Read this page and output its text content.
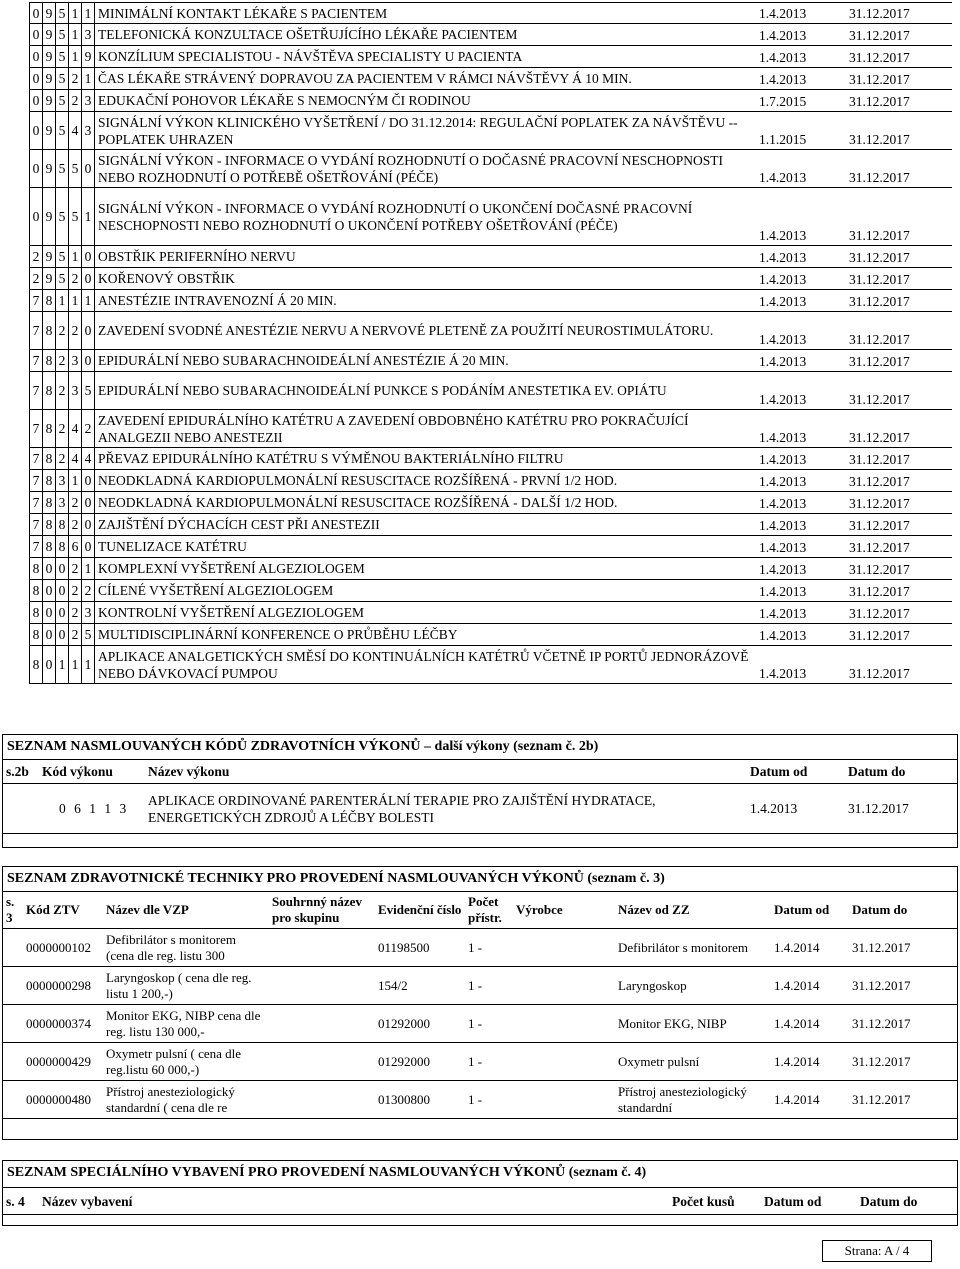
0	9	5	1	1	MINIMÁLNÍ KONTAKT LÉKAŘE S PACIENTEM	1.4.2013	31.12.2017
0	9	5	1	3	TELEFONICKÁ KONZULTACE OŠETŘUJÍCÍHO LÉKAŘE PACIENTEM	1.4.2013	31.12.2017
0	9	5	1	9	KONZÍLIUM SPECIALISTOU - NÁVŠTĚVA SPECIALISTY U PACIENTA	1.4.2013	31.12.2017
0	9	5	2	1	ČAS LÉKAŘE STRÁVENÝ DOPRAVOU ZA PACIENTEM V RÁMCI NÁVŠTĚVY Á 10 MIN.	1.4.2013	31.12.2017
0	9	5	2	3	EDUKAČNÍ POHOVOR LÉKAŘE S NEMOCNÝM ČI RODINOU	1.7.2015	31.12.2017
0	9	5	4	3	SIGNÁLNÍ VÝKON KLINICKÉHO VYŠETŘENÍ / DO 31.12.2014: REGULAČNÍ POPLATEK ZA NÁVŠTĚVU -- POPLATEK UHRAZEN	1.1.2015	31.12.2017
0	9	5	5	0	SIGNÁLNÍ VÝKON - INFORMACE O VYDÁNÍ ROZHODNUTÍ O DOČASNÉ PRACOVNÍ NESCHOPNOSTI NEBO ROZHODNUTÍ O POTŘEBĚ OŠETŘOVÁNÍ (PÉČE)	1.4.2013	31.12.2017
0	9	5	5	1	SIGNÁLNÍ VÝKON - INFORMACE O VYDÁNÍ ROZHODNUTÍ O UKONČENÍ DOČASNÉ PRACOVNÍ NESCHOPNOSTI NEBO ROZHODNUTÍ O UKONČENÍ POTŘEBY OŠETŘOVÁNÍ (PÉČE)	1.4.2013	31.12.2017
2	9	5	1	0	OBSTŘIK PERIFERNÍHO NERVU	1.4.2013	31.12.2017
2	9	5	2	0	KOŘENOVÝ OBSTŘIK	1.4.2013	31.12.2017
7	8	1	1	1	ANESTÉZIE INTRAVENOZNÍ Á 20 MIN.	1.4.2013	31.12.2017
7	8	2	2	0	ZAVEDENÍ SVODNÉ ANESTÉZIE NERVU A NERVOVÉ PLETENĚ ZA POUŽITÍ NEUROSTIMULÁTORU.	1.4.2013	31.12.2017
7	8	2	3	0	EPIDURÁLNÍ NEBO SUBARACHNOIDEÁLNÍ ANESTÉZIE Á 20 MIN.	1.4.2013	31.12.2017
7	8	2	3	5	EPIDURÁLNÍ NEBO SUBARACHNOIDEÁLNÍ PUNKCE S PODÁNÍM ANESTETIKA EV. OPIÁTU	1.4.2013	31.12.2017
7	8	2	4	2	ZAVEDENÍ EPIDURÁLNÍHO KATÉTRU A ZAVEDENÍ OBDOBNÉHO KATÉTRU PRO POKRAČUJÍCÍ ANALGEZII NEBO ANESTEZII	1.4.2013	31.12.2017
7	8	2	4	4	PŘEVAZ EPIDURÁLNÍHO KATÉTRU S VÝMĚNOU BAKTERIÁLNÍHO FILTRU	1.4.2013	31.12.2017
7	8	3	1	0	NEODKLADNÁ KARDIOPULMONÁLNÍ RESUSCITACE ROZŠÍŘENÁ - PRVNÍ 1/2 HOD.	1.4.2013	31.12.2017
7	8	3	2	0	NEODKLADNÁ KARDIOPULMONÁLNÍ RESUSCITACE ROZŠÍŘENÁ - DALŠÍ 1/2 HOD.	1.4.2013	31.12.2017
7	8	8	2	0	ZAJIŠTĚNÍ DÝCHACÍCH CEST PŘI ANESTEZII	1.4.2013	31.12.2017
7	8	8	6	0	TUNELIZACE KATÉTRU	1.4.2013	31.12.2017
8	0	0	2	1	KOMPLEXNÍ VYŠETŘENÍ ALGEZIOLOGEM	1.4.2013	31.12.2017
8	0	0	2	2	CÍLENÉ VYŠETŘENÍ ALGEZIOLOGEM	1.4.2013	31.12.2017
8	0	0	2	3	KONTROLNÍ VYŠETŘENÍ ALGEZIOLOGEM	1.4.2013	31.12.2017
8	0	0	2	5	MULTIDISCIPLINÁRNÍ KONFERENCE O PRŮBĚHU LÉČBY	1.4.2013	31.12.2017
8	0	1	1	1	APLIKACE ANALGETICKÝCH SMĚSÍ DO KONTINUÁLNÍCH KATÉTRŮ VČETNĚ IP PORTŮ JEDNORÁZOVĚ NEBO DÁVKOVACÍ PUMPOU	1.4.2013	31.12.2017
SEZNAM NASMLOUVANÝCH KÓDŮ ZDRAVOTNÍCH VÝKONŮ – další výkony (seznam č. 2b)
s.2b	Kód výkonu	Název výkonu	Datum od	Datum do
	0 6 1 1 3	APLIKACE ORDINOVANÉ PARENTERÁLNÍ TERAPIE PRO ZAJIŠTĚNÍ HYDRATACE, ENERGETICKÝCH ZDROJŮ A LÉČBY BOLESTI	1.4.2013	31.12.2017
SEZNAM ZDRAVOTNICKÉ TECHNIKY PRO PROVEDENÍ NASMLOUVANÝCH VÝKONŮ (seznam č. 3)
s. 3	Kód ZTV	Název dle VZP	Souhrnný název pro skupinu	Evidenční číslo	Počet přístr.	Výrobce	Název od ZZ	Datum od	Datum do
	0000000102	Defibrilátor s monitorem (cena dle reg. listu 300		01198500	1 -		Defibrilátor s monitorem	1.4.2014	31.12.2017
	0000000298	Laryngoskop ( cena dle reg. listu 1 200,-)		154/2	1 -		Laryngoskop	1.4.2014	31.12.2017
	0000000374	Monitor EKG, NIBP cena dle reg. listu 130 000,-		01292000	1 -		Monitor EKG, NIBP	1.4.2014	31.12.2017
	0000000429	Oxymetr pulsní ( cena dle reg.listu 60 000,-)		01292000	1 -		Oxymetr pulsní	1.4.2014	31.12.2017
	0000000480	Přístroj anesteziologický standardní ( cena dle re		01300800	1 -		Přístroj anesteziologický standardní	1.4.2014	31.12.2017
SEZNAM SPECIÁLNÍHO VYBAVENÍ PRO PROVEDENÍ NASMLOUVANÝCH VÝKONŮ (seznam č. 4)
s. 4	Název vybavení	Počet kusů	Datum od	Datum do
Strana: A / 4
